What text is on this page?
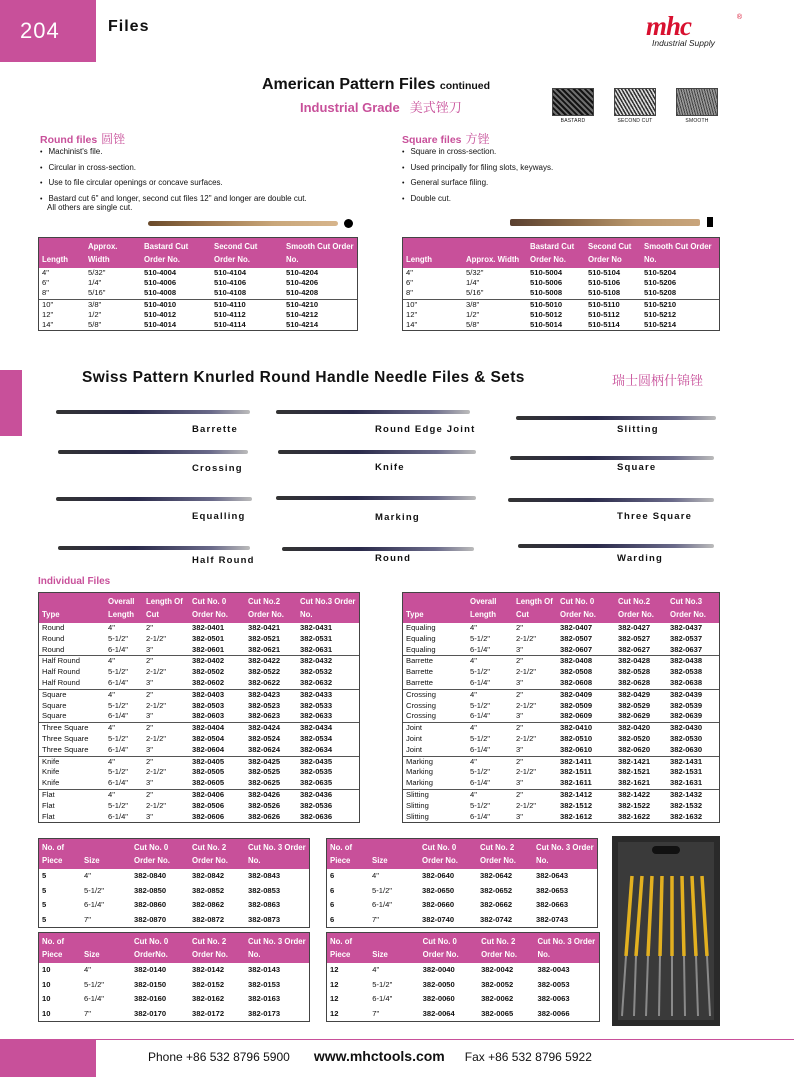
204	Files	mhc
Industrial Supply
®
American Pattern Files continued
Industrial Grade 美式锉刀
BASTARD	SECOND CUT	SMOOTH
Round files 圆锉
• Machinist's file.
• Circular in cross-section.
• Use to file circular openings or concave surfaces.
• Bastard cut 6" and longer, second cut files 12" and longer are double cut.
All others are single cut.
Length	Approx. Width	Bastard Cut Order No.	Second Cut Order No.	Smooth Cut Order No.
4"	5/32"	510-4004	510-4104	510-4204
6"	1/4"	510-4006	510-4106	510-4206
8"	5/16"	510-4008	510-4108	510-4208
10"	3/8"	510-4010	510-4110	510-4210
12"	1/2"	510-4012	510-4112	510-4212
14"	5/8"	510-4014	510-4114	510-4214
Square files 方锉
• Square in cross-section.
• Used principally for filing slots, keyways.
• General surface filing.
• Double cut.
Length	Approx. Width	Bastard Cut Order No.	Second Cut Order No	Smooth Cut Order No.
4"	5/32"	510-5004	510-5104	510-5204
6"	1/4"	510-5006	510-5106	510-5206
8"	5/16"	510-5008	510-5108	510-5208
10"	3/8"	510-5010	510-5110	510-5210
12"	1/2"	510-5012	510-5112	510-5212
14"	5/8"	510-5014	510-5114	510-5214
Swiss Pattern Knurled Round Handle Needle Files & Sets	瑞士圆柄什锦锉
Barrette	Round Edge Joint	Slitting
Crossing	Knife	Square
Equalling	Marking	Three Square
Half Round	Round	Warding
Individual Files
Type	Overall Length	Length Of Cut	Cut No. 0 Order No.	Cut No.2 Order No.	Cut No.3 Order No.
Round	4"	2"	382-0401	382-0421	382-0431
Round	5-1/2"	2-1/2"	382-0501	382-0521	382-0531
Round	6-1/4"	3"	382-0601	382-0621	382-0631
Half Round	4"	2"	382-0402	382-0422	382-0432
Half Round	5-1/2"	2-1/2"	382-0502	382-0522	382-0532
Half Round	6-1/4"	3"	382-0602	382-0622	382-0632
Square	4"	2"	382-0403	382-0423	382-0433
Square	5-1/2"	2-1/2"	382-0503	382-0523	382-0533
Square	6-1/4"	3"	382-0603	382-0623	382-0633
Three Square	4"	2"	382-0404	382-0424	382-0434
Three Square	5-1/2"	2-1/2"	382-0504	382-0524	382-0534
Three Square	6-1/4"	3"	382-0604	382-0624	382-0634
Knife	4"	2"	382-0405	382-0425	382-0435
Knife	5-1/2"	2-1/2"	382-0505	382-0525	382-0535
Knife	6-1/4"	3"	382-0605	382-0625	382-0635
Flat	4"	2"	382-0406	382-0426	382-0436
Flat	5-1/2"	2-1/2"	382-0506	382-0526	382-0536
Flat	6-1/4"	3"	382-0606	382-0626	382-0636
Type	Overall Length	Length Of Cut	Cut No. 0 Order No.	Cut No.2 Order No.	Cut No.3 Order No.
Equaling	4"	2"	382-0407	382-0427	382-0437
Equaling	5-1/2"	2-1/2"	382-0507	382-0527	382-0537
Equaling	6-1/4"	3"	382-0607	382-0627	382-0637
Barrette	4"	2"	382-0408	382-0428	382-0438
Barrette	5-1/2"	2-1/2"	382-0508	382-0528	382-0538
Barrette	6-1/4"	3"	382-0608	382-0628	382-0638
Crossing	4"	2"	382-0409	382-0429	382-0439
Crossing	5-1/2"	2-1/2"	382-0509	382-0529	382-0539
Crossing	6-1/4"	3"	382-0609	382-0629	382-0639
Joint	4"	2"	382-0410	382-0420	382-0430
Joint	5-1/2"	2-1/2"	382-0510	382-0520	382-0530
Joint	6-1/4"	3"	382-0610	382-0620	382-0630
Marking	4"	2"	382-1411	382-1421	382-1431
Marking	5-1/2"	2-1/2"	382-1511	382-1521	382-1531
Marking	6-1/4"	3"	382-1611	382-1621	382-1631
Slitting	4"	2"	382-1412	382-1422	382-1432
Slitting	5-1/2"	2-1/2"	382-1512	382-1522	382-1532
Slitting	6-1/4"	3"	382-1612	382-1622	382-1632
No. of Piece	Size	Cut No. 0 Order No.	Cut No. 2 Order No.	Cut No. 3 Order No.
5	4"	382-0840	382-0842	382-0843
5	5-1/2"	382-0850	382-0852	382-0853
5	6-1/4"	382-0860	382-0862	382-0863
5	7"	382-0870	382-0872	382-0873
No. of Piece	Size	Cut No. 0 Order No.	Cut No. 2 Order No.	Cut No. 3 Order No.
6	4"	382-0640	382-0642	382-0643
6	5-1/2"	382-0650	382-0652	382-0653
6	6-1/4"	382-0660	382-0662	382-0663
6	7"	382-0740	382-0742	382-0743
No. of Piece	Size	Cut No. 0 OrderNo.	Cut No. 2 Order No.	Cut No. 3 Order No.
10	4"	382-0140	382-0142	382-0143
10	5-1/2"	382-0150	382-0152	382-0153
10	6-1/4"	382-0160	382-0162	382-0163
10	7"	382-0170	382-0172	382-0173
No. of Piece	Size	Cut No. 0 Order No.	Cut No. 2 Order No.	Cut No. 3 Order No.
12	4"	382-0040	382-0042	382-0043
12	5-1/2"	382-0050	382-0052	382-0053
12	6-1/4"	382-0060	382-0062	382-0063
12	7"	382-0064	382-0065	382-0066
Phone +86 532 8796 5900 www.mhctools.com Fax +86 532 8796 5922
